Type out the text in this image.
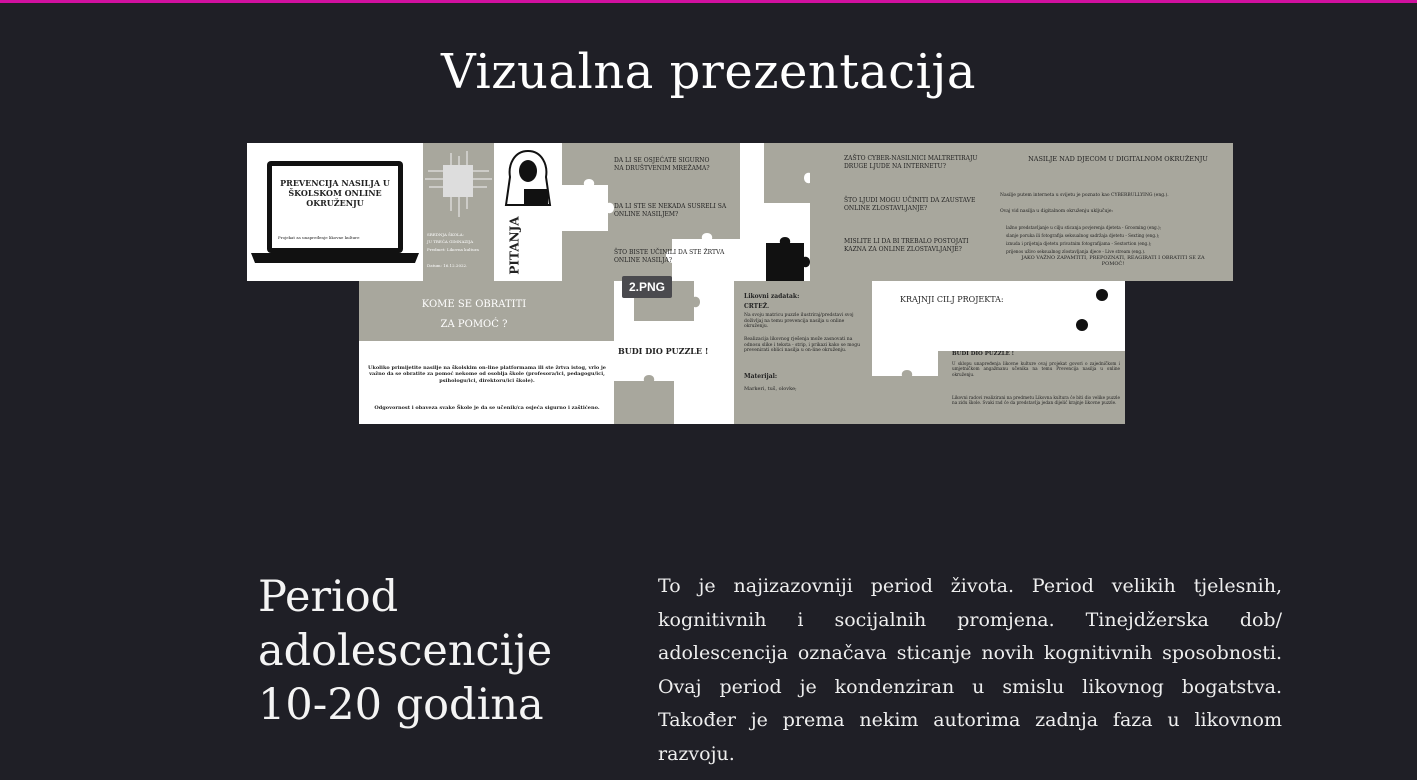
Vizualna prezentacija
PREVENCIJA NASILJA U ŠKOLSKOM ONLINE OKRUŽENJU
Projekat za unapređenje likovne kulture
SREDNJA ŠKOLA:
JU TREĆA GIMNAZIJA
Predmet: Likovna kultura
Datum: 16.12.2022.	PITANJA
DA LI SE OSJEĆATE SIGURNO NA DRUŠTVENIM MREŽAMA?
DA LI STE SE NEKADA SUSRELI SA ONLINE NASILJEM?
ŠTO BISTE UČINILI DA STE ŽRTVA ONLINE NASILJA?
ZAŠTO CYBER-NASILNICI MALTRETIRAJU DRUGE LJUDE NA INTERNETU?
ŠTO LJUDI MOGU UČINITI DA ZAUSTAVE ONLINE ZLOSTAVLJANJE?
MISLITE LI DA BI TREBALO POSTOJATI KAZNA ZA ONLINE ZLOSTAVLJANJE?
NASILJE NAD DJECOM U DIGITALNOM OKRUŽENJU
Nasilje putem interneta u svijetu je poznato kao CYBERBULLYING (eng.).
Ovaj vid nasilja u digitalnom okruženju uključuje:
lažno predstavljanje u cilju sticanja povjerenja djeteta - Grooming (eng.);
slanje poruka ili fotografija seksualnog sadržaja djetetu - Sexting (eng.);
iznuda i prijetnja djetetu privatnim fotografijama - Sextortion (eng.);
prijenos uživo seksualnog zlostavljanja djece - Live stream (eng.).
JAKO VAŽNO ZAPAMTITI, PREPOZNATI, REAGIRATI I OBRATITI SE ZA POMOĆ!
KOME SE OBRATITI ZA POMOĆ ?
Ukoliko primijetite nasilje na školskim on-line platformama ili ste žrtva istog, vrlo je važno da se obratite za pomoć nekome od osoblja škole (profesora/ici, pedagogu/ici, psihologu/ici, direktoru/ici škole).
Odgovornost i obaveza svake Škole je da se učenik/ca osjeća sigurno i zaštićeno.
BUDI DIO PUZZLE !
Likovni zadatak:
CRTEŽ.
Na svoju matricu puzzle ilustriraj/predstavi svoj doživljaj na temu prevencija nasilja u online okruženju.
Realizacija likovnog rješenja može zasnovati na odnosu slike i teksta - strip, i prikazi kako se mogu prevenirati oblici nasilja u on-line okruženju.
Materijal:
Markeri, tuš, olovke;
KRAJNJI CILJ PROJEKTA:
BUDI DIO PUZZLE !
U sklopu unapređenja likovne kulture ovaj projekat govori o zajedničkom i umjetničkom angažmanu učenika na temu Prevencija nasilja u online okruženju.
Likovni radovi realizirani na predmetu Likovna kultura će biti dio velike puzzle na zidu škole. Svaki rad će da predstavlja jedan dijelić krajnje likovne puzzle.
2.PNG
Period
adolescencije
10-20 godina

To je najizazovniji period života. Period velikih tjelesnih, kognitivnih i socijalnih promjena. Tinejdžerska dob/ adolescencija označava sticanje novih kognitivnih sposobnosti. Ovaj period je kondenziran u smislu likovnog bogatstva. Također je prema nekim autorima zadnja faza u likovnom razvoju.
